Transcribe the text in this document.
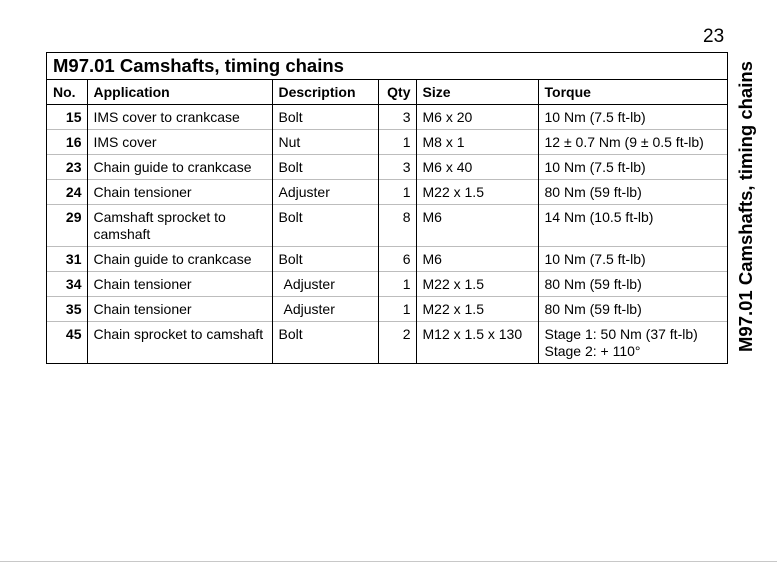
23
M97.01 Camshafts, timing chains
M97.01 Camshafts, timing chains
No.	Application	Description	Qty	Size	Torque
15	IMS cover to crankcase	Bolt	3	M6 x 20	10 Nm (7.5 ft-lb)

16	IMS cover	Nut	1	M8 x 1	12 ± 0.7 Nm (9 ± 0.5 ft-lb)

23	Chain guide to crankcase	Bolt	3	M6 x 40	10 Nm (7.5 ft-lb)

24	Chain tensioner	Adjuster	1	M22 x 1.5	80 Nm (59 ft-lb)

29	Camshaft sprocket to
camshaft	Bolt	8	M6	14 Nm (10.5 ft-lb)

31	Chain guide to crankcase	Bolt	6	M6	10 Nm (7.5 ft-lb)

34	Chain tensioner	Adjuster	1	M22 x 1.5	80 Nm (59 ft-lb)

35	Chain tensioner	Adjuster	1	M22 x 1.5	80 Nm (59 ft-lb)

45	Chain sprocket to camshaft	Bolt	2	M12 x 1.5 x 130	Stage 1: 50 Nm (37 ft-lb)
Stage 2: + 110°
